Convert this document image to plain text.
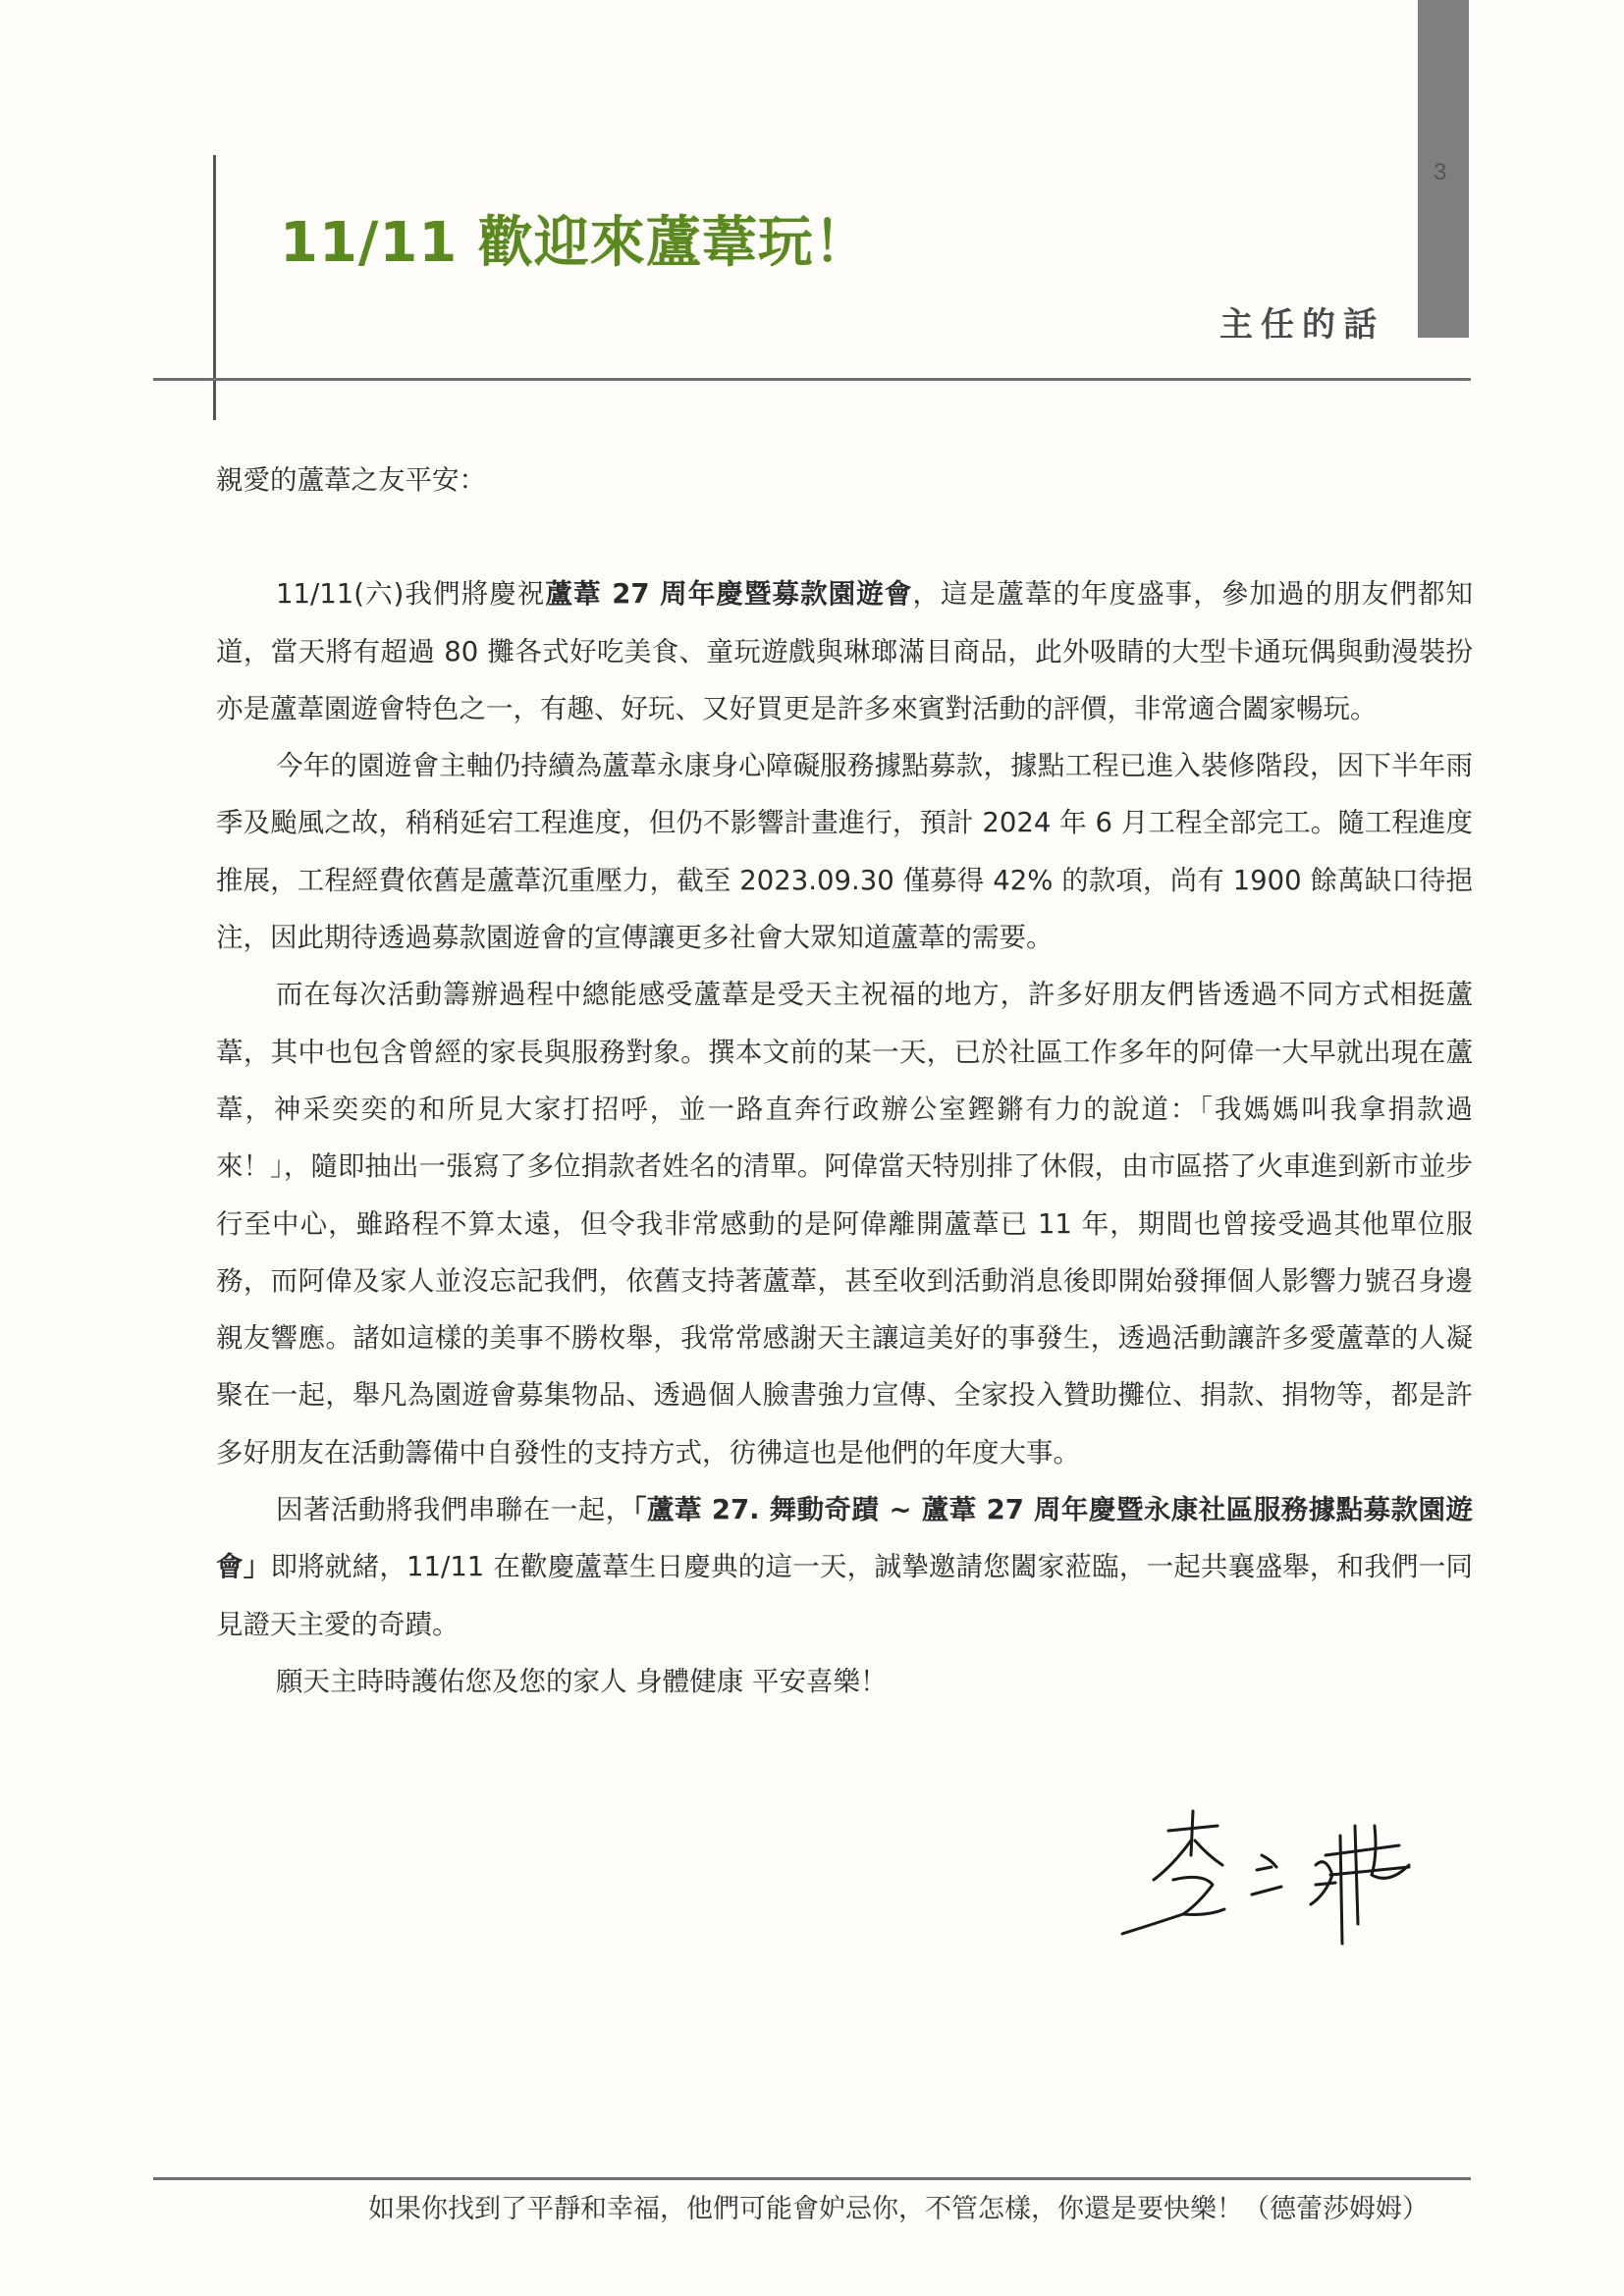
3
11/11 歡迎來蘆葦玩！
主任的話

親愛的蘆葦之友平安：

11/11(六)我們將慶祝蘆葦 27 周年慶暨募款園遊會，這是蘆葦的年度盛事，參加過的朋友們都知道，當天將有超過 80 攤各式好吃美食、童玩遊戲與琳瑯滿目商品，此外吸睛的大型卡通玩偶與動漫裝扮亦是蘆葦園遊會特色之一，有趣、好玩、又好買更是許多來賓對活動的評價，非常適合闔家暢玩。

今年的園遊會主軸仍持續為蘆葦永康身心障礙服務據點募款，據點工程已進入裝修階段，因下半年雨季及颱風之故，稍稍延宕工程進度，但仍不影響計畫進行，預計 2024 年 6 月工程全部完工。隨工程進度推展，工程經費依舊是蘆葦沉重壓力，截至 2023.09.30 僅募得 42% 的款項，尚有 1900 餘萬缺口待挹注，因此期待透過募款園遊會的宣傳讓更多社會大眾知道蘆葦的需要。

而在每次活動籌辦過程中總能感受蘆葦是受天主祝福的地方，許多好朋友們皆透過不同方式相挺蘆葦，其中也包含曾經的家長與服務對象。撰本文前的某一天，已於社區工作多年的阿偉一大早就出現在蘆葦，神采奕奕的和所見大家打招呼，並一路直奔行政辦公室鏗鏘有力的說道：「我媽媽叫我拿捐款過來！」，隨即抽出一張寫了多位捐款者姓名的清單。阿偉當天特別排了休假，由市區搭了火車進到新市並步行至中心，雖路程不算太遠，但令我非常感動的是阿偉離開蘆葦已 11 年，期間也曾接受過其他單位服務，而阿偉及家人並沒忘記我們，依舊支持著蘆葦，甚至收到活動消息後即開始發揮個人影響力號召身邊親友響應。諸如這樣的美事不勝枚舉，我常常感謝天主讓這美好的事發生，透過活動讓許多愛蘆葦的人凝聚在一起，舉凡為園遊會募集物品、透過個人臉書強力宣傳、全家投入贊助攤位、捐款、捐物等，都是許多好朋友在活動籌備中自發性的支持方式，彷彿這也是他們的年度大事。

因著活動將我們串聯在一起，「蘆葦 27. 舞動奇蹟 ~ 蘆葦 27 周年慶暨永康社區服務據點募款園遊會」即將就緒，11/11 在歡慶蘆葦生日慶典的這一天，誠摯邀請您闔家蒞臨，一起共襄盛舉，和我們一同見證天主愛的奇蹟。

願天主時時護佑您及您的家人 身體健康 平安喜樂！

如果你找到了平靜和幸福，他們可能會妒忌你，不管怎樣，你還是要快樂！（德蕾莎姆姆）
